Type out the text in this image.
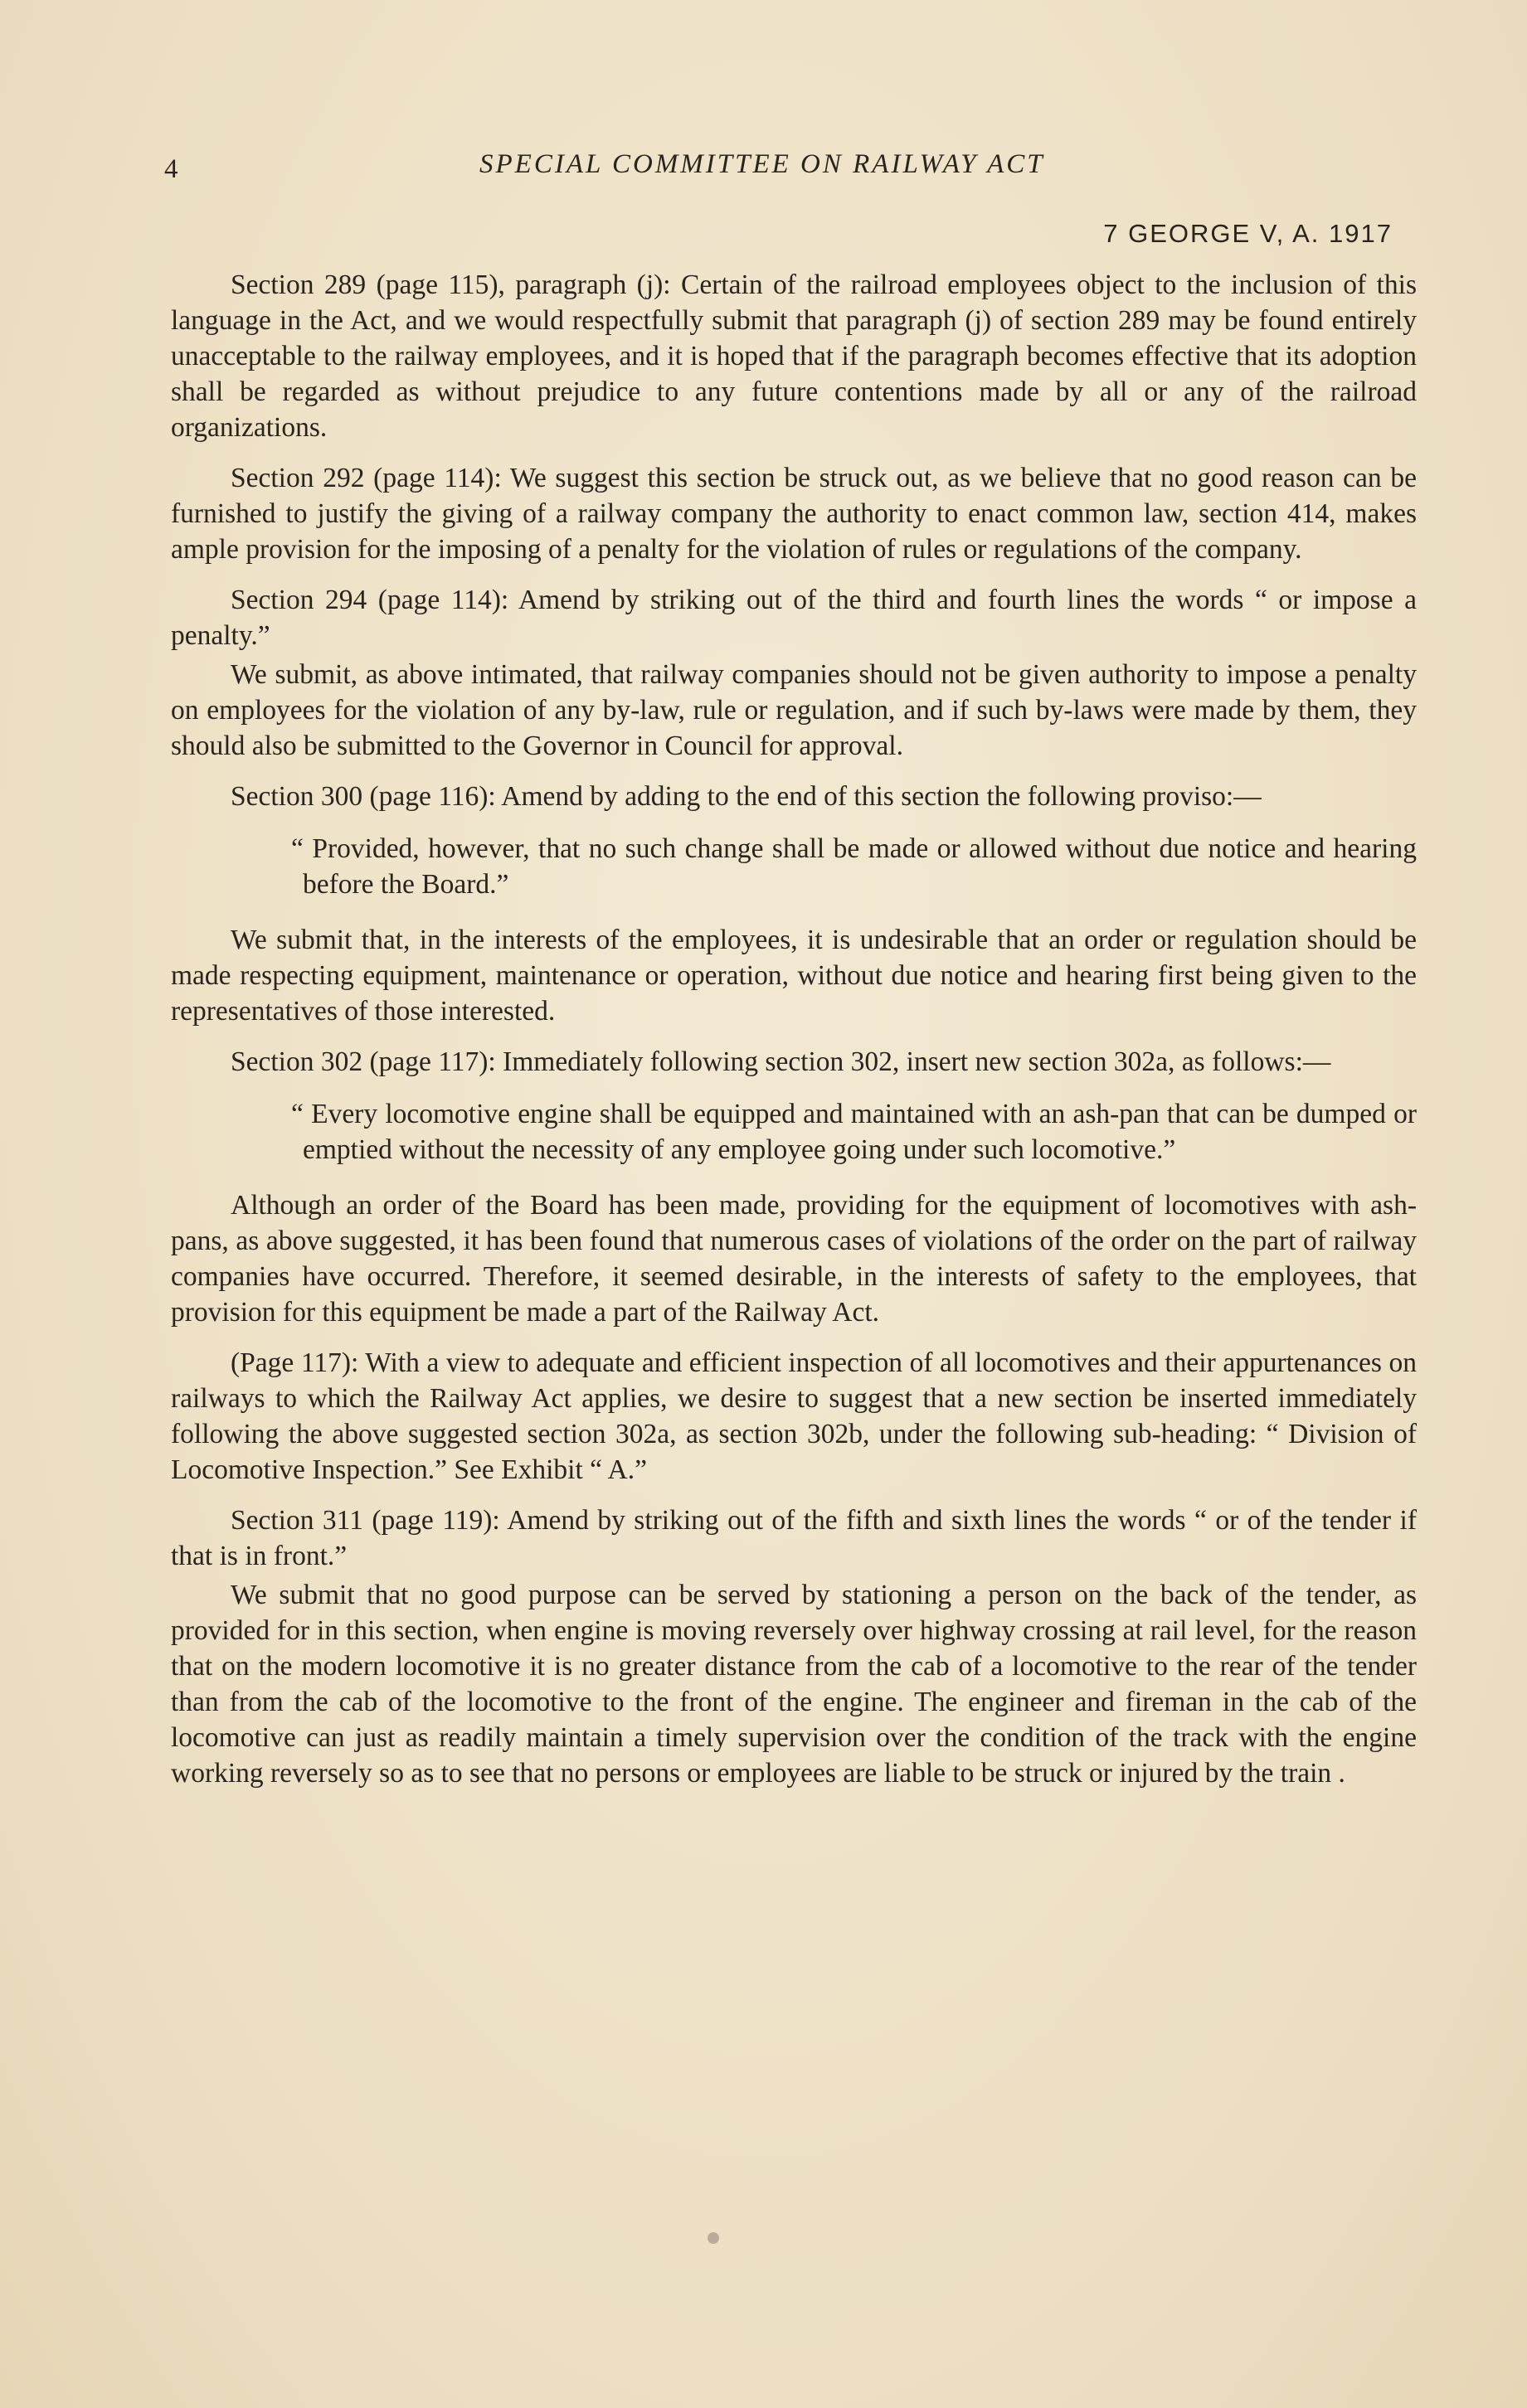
4	SPECIAL COMMITTEE ON RAILWAY ACT
7 GEORGE V, A. 1917

Section 289 (page 115), paragraph (j): Certain of the railroad employees object to the inclusion of this language in the Act, and we would respectfully submit that paragraph (j) of section 289 may be found entirely unacceptable to the railway employees, and it is hoped that if the paragraph becomes effective that its adoption shall be regarded as without prejudice to any future contentions made by all or any of the railroad organizations.

Section 292 (page 114): We suggest this section be struck out, as we believe that no good reason can be furnished to justify the giving of a railway company the authority to enact common law, section 414, makes ample provision for the imposing of a penalty for the violation of rules or regulations of the company.

Section 294 (page 114): Amend by striking out of the third and fourth lines the words “ or impose a penalty.”

We submit, as above intimated, that railway companies should not be given authority to impose a penalty on employees for the violation of any by-law, rule or regulation, and if such by-laws were made by them, they should also be submitted to the Governor in Council for approval.

Section 300 (page 116): Amend by adding to the end of this section the following proviso:—

“ Provided, however, that no such change shall be made or allowed without due notice and hearing before the Board.”

We submit that, in the interests of the employees, it is undesirable that an order or regulation should be made respecting equipment, maintenance or operation, without due notice and hearing first being given to the representatives of those interested.

Section 302 (page 117): Immediately following section 302, insert new section 302a, as follows:—

“ Every locomotive engine shall be equipped and maintained with an ash-pan that can be dumped or emptied without the necessity of any employee going under such locomotive.”

Although an order of the Board has been made, providing for the equipment of locomotives with ash-pans, as above suggested, it has been found that numerous cases of violations of the order on the part of railway companies have occurred. Therefore, it seemed desirable, in the interests of safety to the employees, that provision for this equipment be made a part of the Railway Act.

(Page 117): With a view to adequate and efficient inspection of all locomotives and their appurtenances on railways to which the Railway Act applies, we desire to suggest that a new section be inserted immediately following the above suggested section 302a, as section 302b, under the following sub-heading: “ Division of Locomotive Inspection.” See Exhibit “ A.”

Section 311 (page 119): Amend by striking out of the fifth and sixth lines the words “ or of the tender if that is in front.”

We submit that no good purpose can be served by stationing a person on the back of the tender, as provided for in this section, when engine is moving reversely over highway crossing at rail level, for the reason that on the modern locomotive it is no greater distance from the cab of a locomotive to the rear of the tender than from the cab of the locomotive to the front of the engine. The engineer and fireman in the cab of the locomotive can just as readily maintain a timely supervision over the condition of the track with the engine working reversely so as to see that no persons or employees are liable to be struck or injured by the train .
